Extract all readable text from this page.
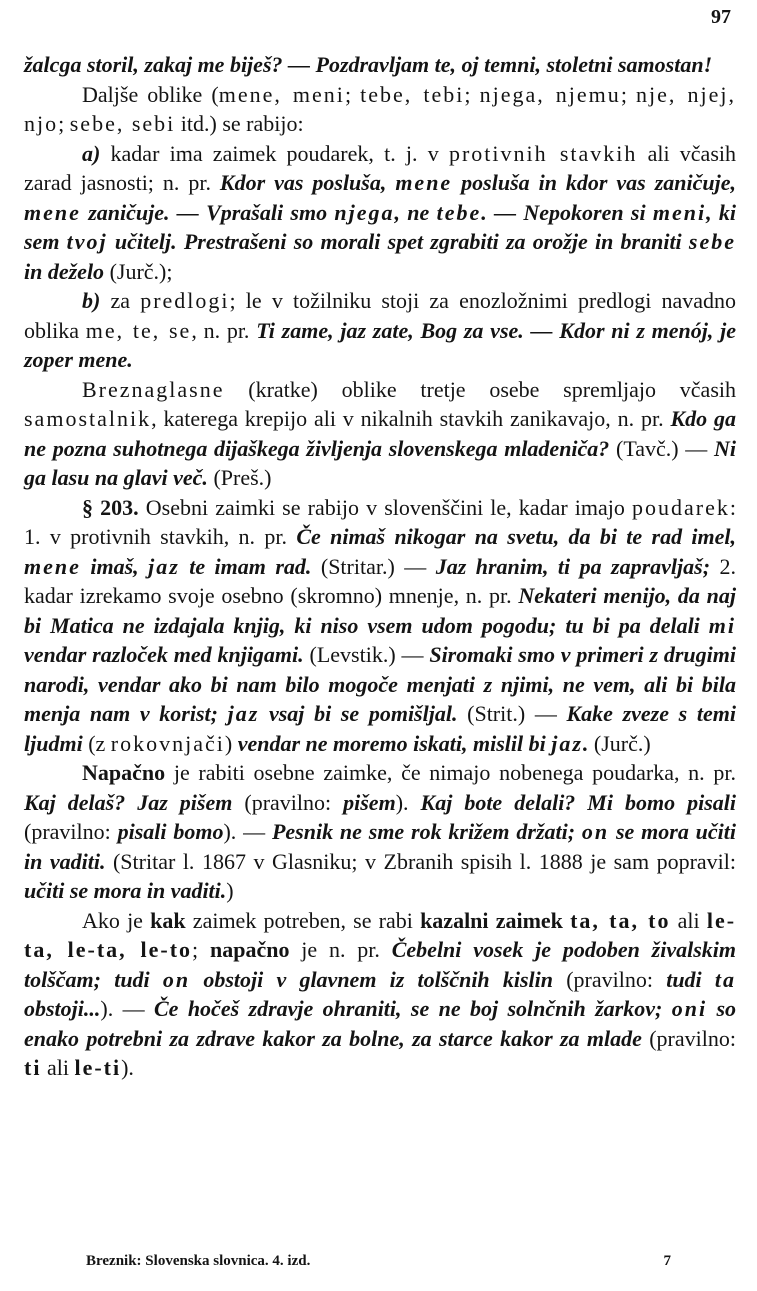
97

žalcga storil, zakaj me biješ? — Pozdravljam te, oj temni, stoletni samostan!

Daljše oblike (mene, meni; tebe, tebi; njega, njemu; nje, njej, njo; sebe, sebi itd.) se rabijo:

a) kadar ima zaimek poudarek, t. j. v protivnih stavkih ali včasih zarad jasnosti; n. pr. Kdor vas posluša, mene posluša in kdor vas zaničuje, mene zaničuje. — Vprašali smo njega, ne tebe. — Nepokoren si meni, ki sem tvoj učitelj. Prestrašeni so morali spet zgrabiti za orožje in braniti sebe in deželo (Jurč.);

b) za predlogi; le v tožilniku stoji za enozložnimi predlogi navadno oblika me, te, se, n. pr. Ti zame, jaz zate, Bog za vse. — Kdor ni z menój, je zoper mene.

Breznaglasne (kratke) oblike tretje osebe spremljajo včasih samostalnik, katerega krepijo ali v nikalnih stavkih zanikavajo, n. pr. Kdo ga ne pozna suhotnega dijaškega življenja slovenskega mladeniča? (Tavč.) — Ni ga lasu na glavi več. (Preš.)

§ 203. Osebni zaimki se rabijo v slovenščini le, kadar imajo poudarek: 1. v protivnih stavkih, n. pr. Če nimaš nikogar na svetu, da bi te rad imel, mene imaš, jaz te imam rad. (Stritar.) — Jaz hranim, ti pa zapravljaš; 2. kadar izrekamo svoje osebno (skromno) mnenje, n. pr. Nekateri menijo, da naj bi Matica ne izdajala knjig, ki niso vsem udom pogodu; tu bi pa delali mi vendar razloček med knjigami. (Levstik.) — Siromaki smo v primeri z drugimi narodi, vendar ako bi nam bilo mogoče menjati z njimi, ne vem, ali bi bila menja nam v korist; jaz vsaj bi se pomišljal. (Strit.) — Kake zveze s temi ljudmi (z rokovnjači) vendar ne moremo iskati, mislil bi jaz. (Jurč.)

Napačno je rabiti osebne zaimke, če nimajo nobenega poudarka, n. pr. Kaj delaš? Jaz pišem (pravilno: pišem). Kaj bote delali? Mi bomo pisali (pravilno: pisali bomo). — Pesnik ne sme rok križem držati; on se mora učiti in vaditi. (Stritar l. 1867 v Glasniku; v Zbranih spisih l. 1888 je sam popravil: učiti se mora in vaditi.)

Ako je kak zaimek potreben, se rabi kazalni zaimek ta, ta, to ali le-ta, le-ta, le-to; napačno je n. pr. Čebelni vosek je podoben živalskim tolščam; tudi on obstoji v glavnem iz tolščnih kislin (pravilno: tudi ta obstoji...). — Če hočeš zdravje ohraniti, se ne boj solnčnih žarkov; oni so enako potrebni za zdrave kakor za bolne, za starce kakor za mlade (pravilno: ti ali le-ti).

Breznik: Slovenska slovnica. 4. izd.	7
